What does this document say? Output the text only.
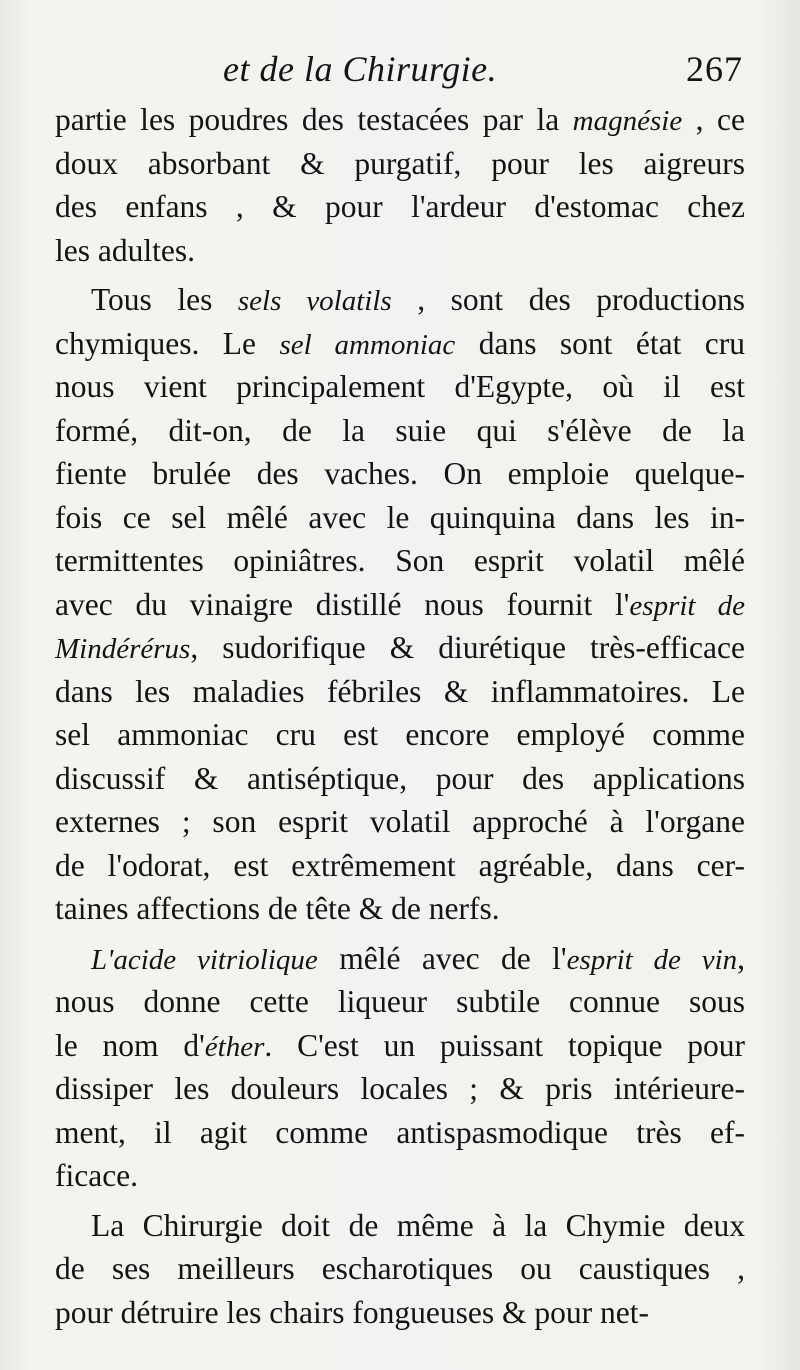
et de la Chirurgie.	267
partie les poudres des testacées par la magnésie , ce
doux absorbant & purgatif, pour les aigreurs
des enfans , & pour l'ardeur d'estomac chez
les adultes.
Tous les sels volatils , sont des productions
chymiques. Le sel ammoniac dans sont état cru
nous vient principalement d'Egypte, où il est
formé, dit-on, de la suie qui s'élève de la
fiente brulée des vaches. On emploie quelque-
fois ce sel mêlé avec le quinquina dans les in-
termittentes opiniâtres. Son esprit volatil mêlé
avec du vinaigre distillé nous fournit l'esprit de
Mindérérus, sudorifique & diurétique très-efficace
dans les maladies fébriles & inflammatoires. Le
sel ammoniac cru est encore employé comme
discussif & antiséptique, pour des applications
externes ; son esprit volatil approché à l'organe
de l'odorat, est extrêmement agréable, dans cer-
taines affections de tête & de nerfs.
L'acide vitriolique mêlé avec de l'esprit de vin,
nous donne cette liqueur subtile connue sous
le nom d'éther. C'est un puissant topique pour
dissiper les douleurs locales ; & pris intérieure-
ment, il agit comme antispasmodique très ef-
ficace.
La Chirurgie doit de même à la Chymie deux
de ses meilleurs escharotiques ou caustiques ,
pour détruire les chairs fongueuses & pour net-
